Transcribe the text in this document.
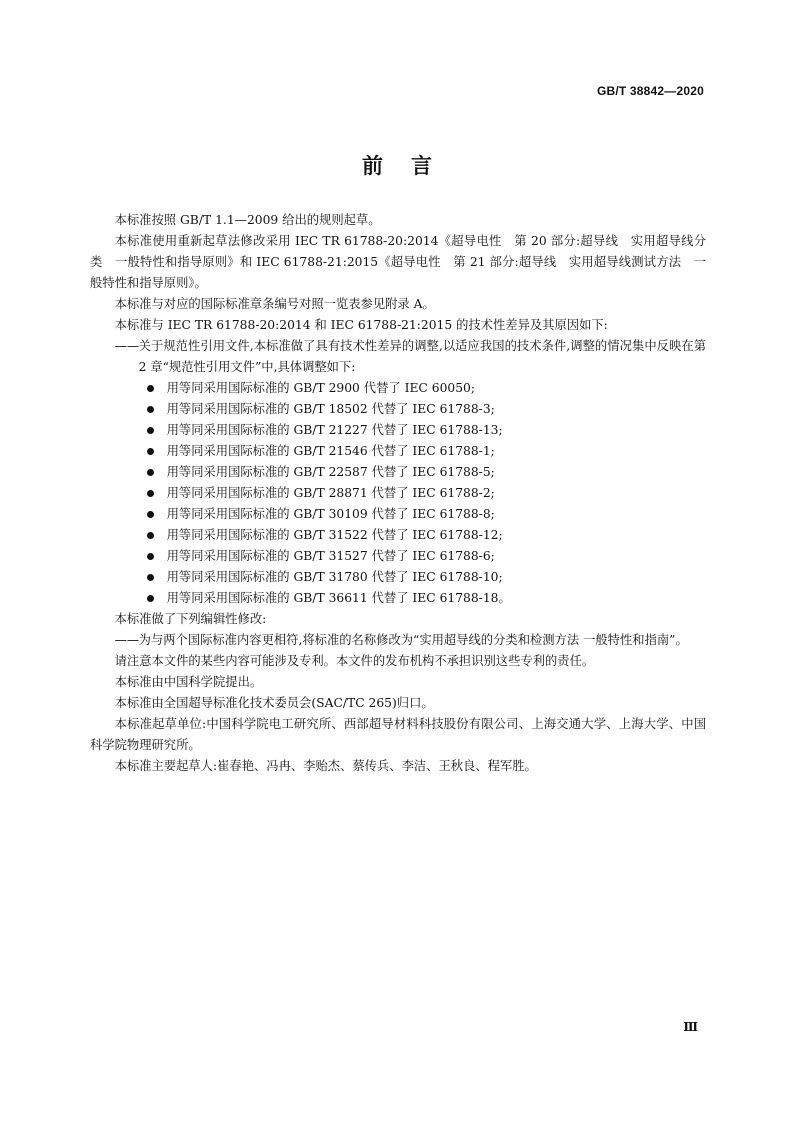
GB/T 38842—2020
前言

本标准按照 GB/T 1.1—2009 给出的规则起草。

本标准使用重新起草法修改采用 IEC TR 61788-20:2014《超导电性　第 20 部分:超导线　实用超导线分类　一般特性和指导原则》和 IEC 61788-21:2015《超导电性　第 21 部分:超导线　实用超导线测试方法　一般特性和指导原则》。

本标准与对应的国际标准章条编号对照一览表参见附录 A。

本标准与 IEC TR 61788-20:2014 和 IEC 61788-21:2015 的技术性差异及其原因如下:

——关于规范性引用文件,本标准做了具有技术性差异的调整,以适应我国的技术条件,调整的情况集中反映在第 2 章“规范性引用文件”中,具体调整如下:

用等同采用国际标准的 GB/T 2900 代替了 IEC 60050;
用等同采用国际标准的 GB/T 18502 代替了 IEC 61788-3;
用等同采用国际标准的 GB/T 21227 代替了 IEC 61788-13;
用等同采用国际标准的 GB/T 21546 代替了 IEC 61788-1;
用等同采用国际标准的 GB/T 22587 代替了 IEC 61788-5;
用等同采用国际标准的 GB/T 28871 代替了 IEC 61788-2;
用等同采用国际标准的 GB/T 30109 代替了 IEC 61788-8;
用等同采用国际标准的 GB/T 31522 代替了 IEC 61788-12;
用等同采用国际标准的 GB/T 31527 代替了 IEC 61788-6;
用等同采用国际标准的 GB/T 31780 代替了 IEC 61788-10;
用等同采用国际标准的 GB/T 36611 代替了 IEC 61788-18。

本标准做了下列编辑性修改:

——为与两个国际标准内容更相符,将标准的名称修改为“实用超导线的分类和检测方法 一般特性和指南”。

请注意本文件的某些内容可能涉及专利。本文件的发布机构不承担识别这些专利的责任。

本标准由中国科学院提出。

本标准由全国超导标准化技术委员会(SAC/TC 265)归口。

本标准起草单位:中国科学院电工研究所、西部超导材料科技股份有限公司、上海交通大学、上海大学、中国科学院物理研究所。

本标准主要起草人:崔春艳、冯冉、李贻杰、蔡传兵、李洁、王秋良、程军胜。

Ⅲ
